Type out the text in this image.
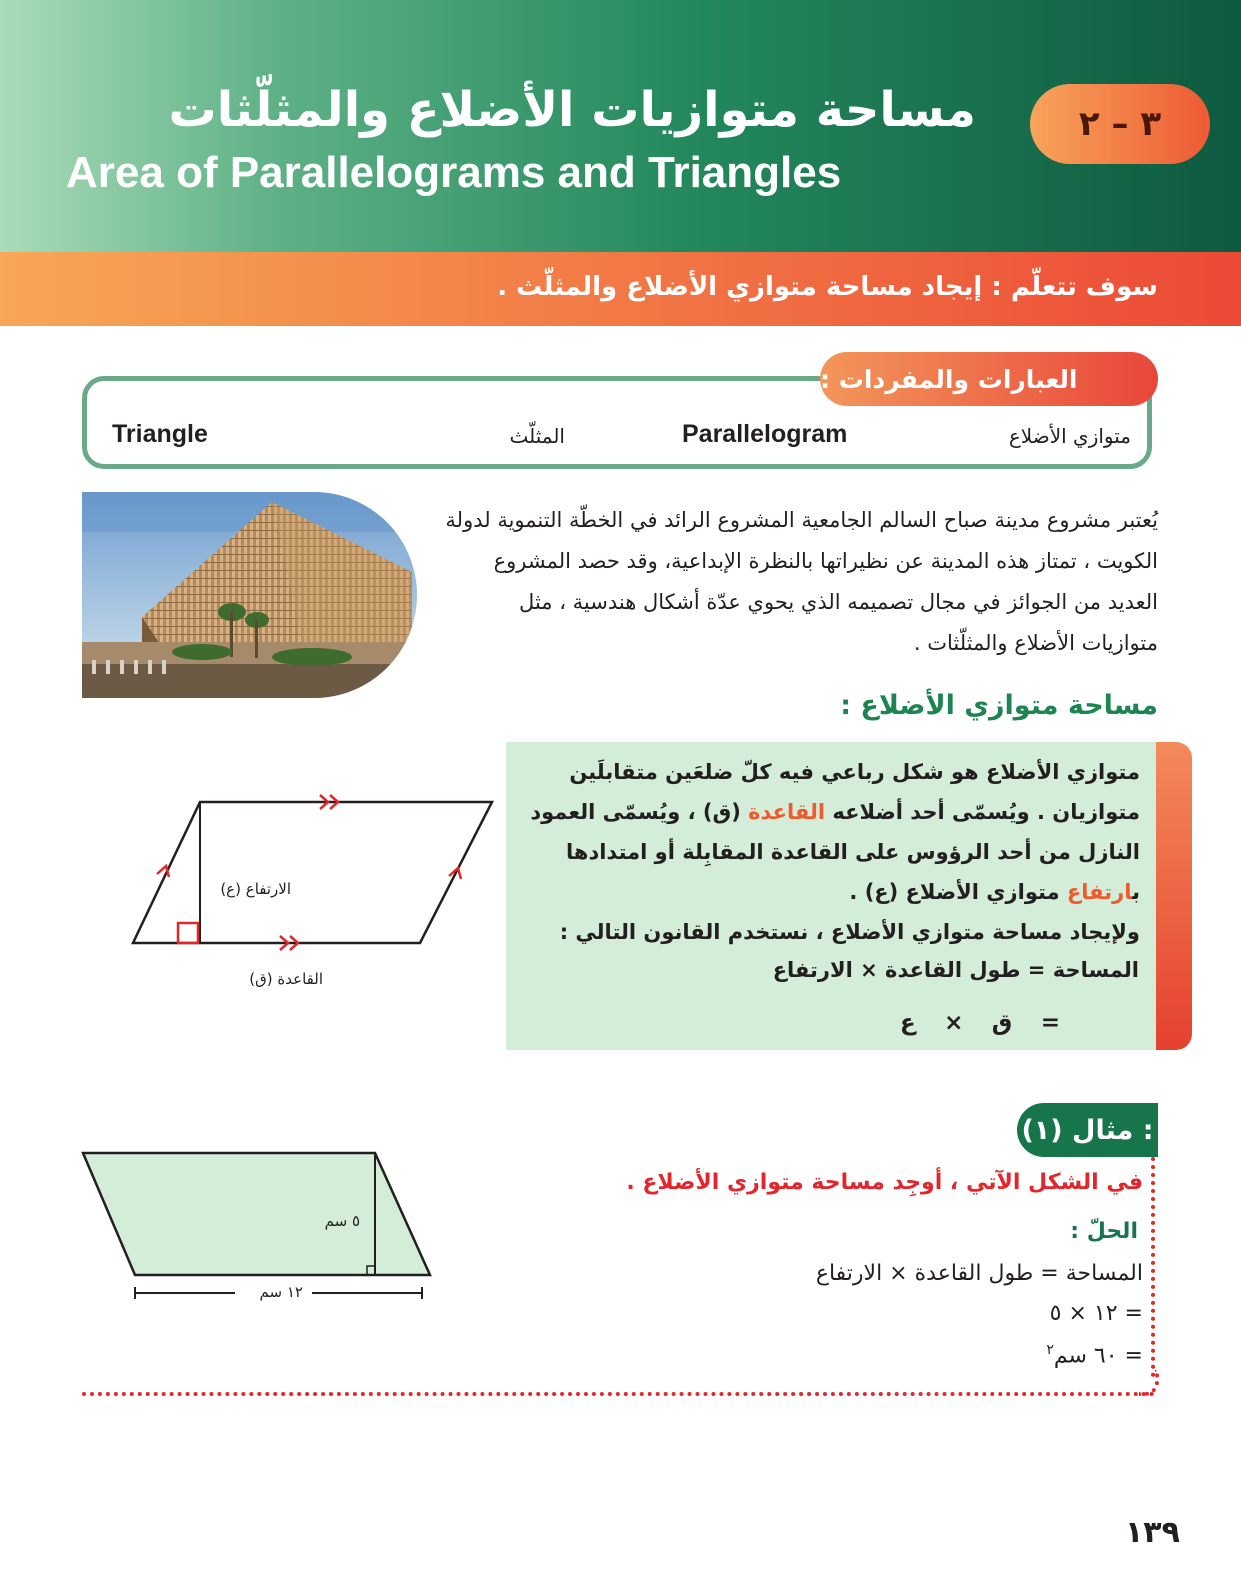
مساحة متوازيات الأضلاع والمثلّثات
Area of Parallelograms and Triangles
٣ – ٢
سوف تتعلّم : إيجاد مساحة متوازي الأضلاع والمثلّث .
العبارات والمفردات :
متوازي الأضلاع
Parallelogram
المثلّث
Triangle
يُعتبر مشروع مدينة صباح السالم الجامعية المشروع الرائد في الخطّة التنموية لدولة الكويت ، تمتاز هذه المدينة عن نظيراتها بالنظرة الإبداعية، وقد حصد المشروع العديد من الجوائز في مجال تصميمه الذي يحوي عدّة أشكال هندسية ، مثل متوازيات الأضلاع والمثلّثات .
مساحة متوازي الأضلاع :
الارتفاع (ع)
القاعدة (ق)
متوازي الأضلاع هو شكل رباعي فيه كلّ ضلعَين متقابلَين متوازيان . ويُسمّى أحد أضلاعه القاعدة (ق) ، ويُسمّى العمود النازل من أحد الرؤوس على القاعدة المقابِلة أو امتدادها بارتفاع متوازي الأضلاع (ع) .
ولإيجاد مساحة متوازي الأضلاع ، نستخدم القانون التالي :
المساحة = طول القاعدة × الارتفاع
ع × ق =
مثال (١) :
في الشكل الآتي ، أوجِد مساحة متوازي الأضلاع .
الحلّ :
المساحة = طول القاعدة × الارتفاع
= ١٢ × ٥
= ٦٠ سم$^٢$
٥ سم
١٢ سم
١٣٩
